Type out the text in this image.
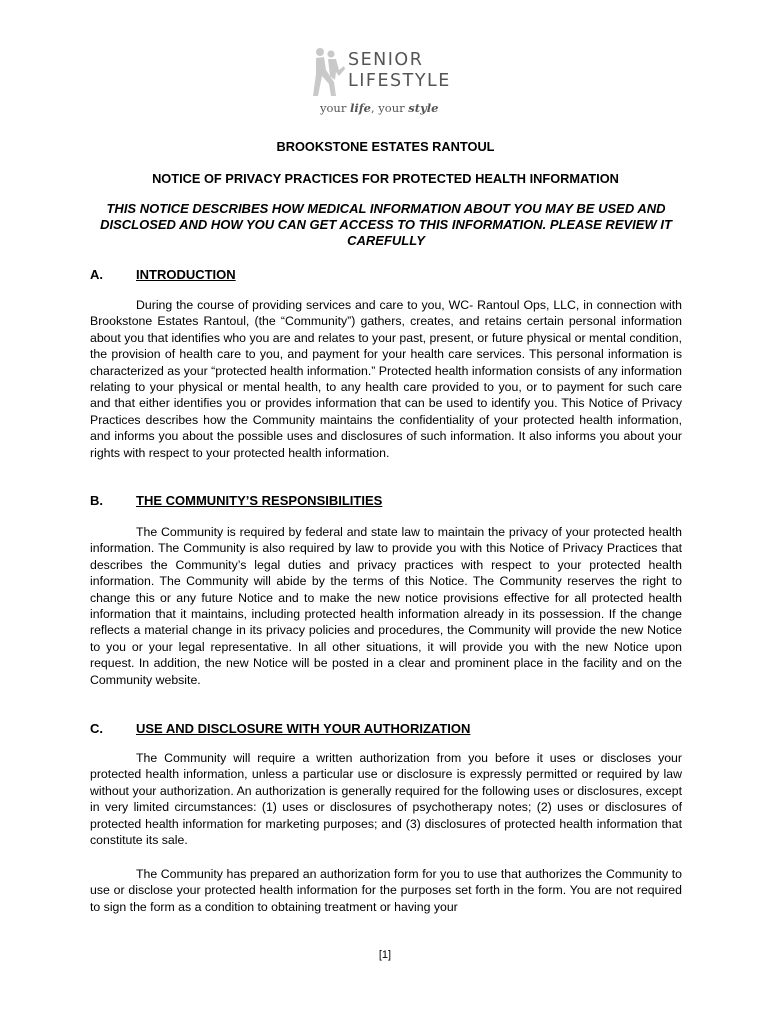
SENIOR
LIFESTYLE
your life, your style
BROOKSTONE ESTATES RANTOUL
NOTICE OF PRIVACY PRACTICES FOR PROTECTED HEALTH INFORMATION
THIS NOTICE DESCRIBES HOW MEDICAL INFORMATION ABOUT YOU MAY BE USED AND DISCLOSED AND HOW YOU CAN GET ACCESS TO THIS INFORMATION. PLEASE REVIEW IT CAREFULLY
A.	INTRODUCTION

During the course of providing services and care to you, WC- Rantoul Ops, LLC, in connection with Brookstone Estates Rantoul, (the “Community”) gathers, creates, and retains certain personal information about you that identifies who you are and relates to your past, present, or future physical or mental condition, the provision of health care to you, and payment for your health care services. This personal information is characterized as your “protected health information.” Protected health information consists of any information relating to your physical or mental health, to any health care provided to you, or to payment for such care and that either identifies you or provides information that can be used to identify you. This Notice of Privacy Practices describes how the Community maintains the confidentiality of your protected health information, and informs you about the possible uses and disclosures of such information. It also informs you about your rights with respect to your protected health information.

B.	THE COMMUNITY’S RESPONSIBILITIES

The Community is required by federal and state law to maintain the privacy of your protected health information. The Community is also required by law to provide you with this Notice of Privacy Practices that describes the Community’s legal duties and privacy practices with respect to your protected health information. The Community will abide by the terms of this Notice. The Community reserves the right to change this or any future Notice and to make the new notice provisions effective for all protected health information that it maintains, including protected health information already in its possession. If the change reflects a material change in its privacy policies and procedures, the Community will provide the new Notice to you or your legal representative. In all other situations, it will provide you with the new Notice upon request. In addition, the new Notice will be posted in a clear and prominent place in the facility and on the Community website.

C.	USE AND DISCLOSURE WITH YOUR AUTHORIZATION

The Community will require a written authorization from you before it uses or discloses your protected health information, unless a particular use or disclosure is expressly permitted or required by law without your authorization. An authorization is generally required for the following uses or disclosures, except in very limited circumstances: (1) uses or disclosures of psychotherapy notes; (2) uses or disclosures of protected health information for marketing purposes; and (3) disclosures of protected health information that constitute its sale.

The Community has prepared an authorization form for you to use that authorizes the Community to use or disclose your protected health information for the purposes set forth in the form. You are not required to sign the form as a condition to obtaining treatment or having your

[1]
